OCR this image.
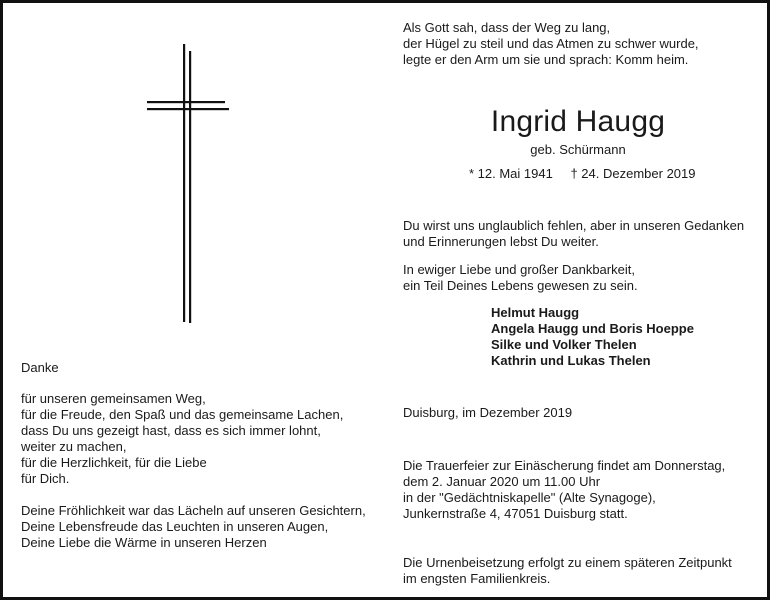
Als Gott sah, dass der Weg zu lang,
der Hügel zu steil und das Atmen zu schwer wurde,
legte er den Arm um sie und sprach: Komm heim.
Ingrid Haugg
geb. Schürmann
* 12. Mai 1941 † 24. Dezember 2019
Du wirst uns unglaublich fehlen, aber in unseren Gedanken
und Erinnerungen lebst Du weiter.
In ewiger Liebe und großer Dankbarkeit,
ein Teil Deines Lebens gewesen zu sein.
Helmut Haugg
Angela Haugg und Boris Hoeppe
Silke und Volker Thelen
Kathrin und Lukas Thelen
Duisburg, im Dezember 2019
Die Trauerfeier zur Einäscherung findet am Donnerstag,
dem 2. Januar 2020 um 11.00 Uhr
in der "Gedächtniskapelle" (Alte Synagoge),
Junkernstraße 4, 47051 Duisburg statt.
Die Urnenbeisetzung erfolgt zu einem späteren Zeitpunkt
im engsten Familienkreis.
Danke
für unseren gemeinsamen Weg,
für die Freude, den Spaß und das gemeinsame Lachen,
dass Du uns gezeigt hast, dass es sich immer lohnt,
weiter zu machen,
für die Herzlichkeit, für die Liebe
für Dich.
Deine Fröhlichkeit war das Lächeln auf unseren Gesichtern,
Deine Lebensfreude das Leuchten in unseren Augen,
Deine Liebe die Wärme in unseren Herzen
